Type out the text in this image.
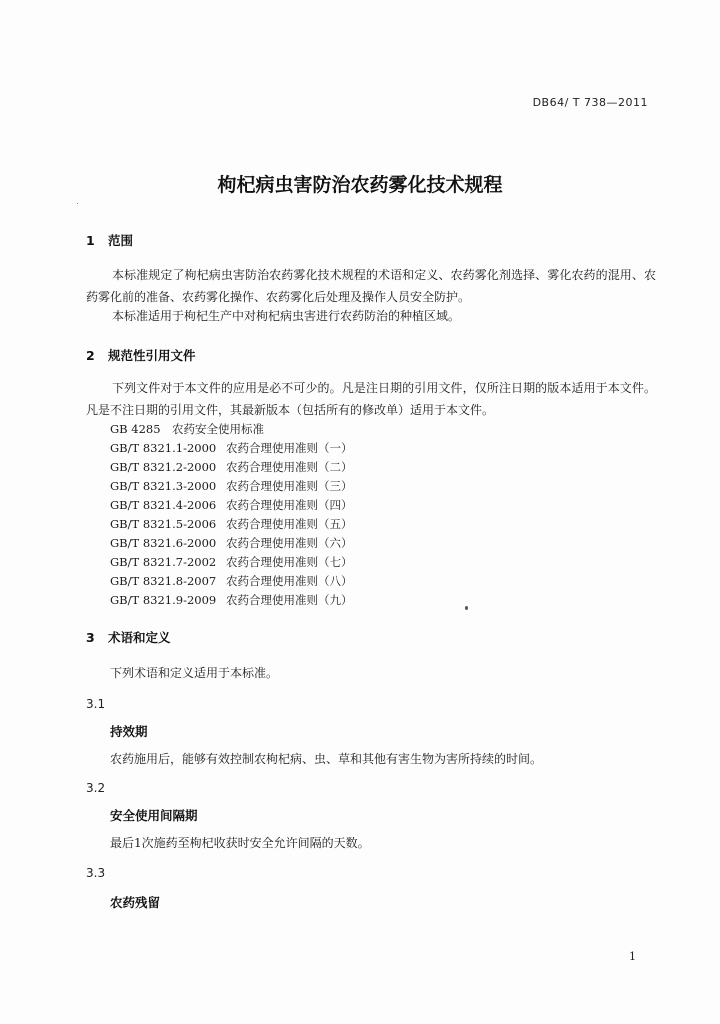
DB64/ T 738—2011
枸杞病虫害防治农药雾化技术规程
1 范围
本标准规定了枸杞病虫害防治农药雾化技术规程的术语和定义、农药雾化剂选择、雾化农药的混用、农药雾化前的准备、农药雾化操作、农药雾化后处理及操作人员安全防护。
本标准适用于枸杞生产中对枸杞病虫害进行农药防治的种植区域。
2 规范性引用文件
下列文件对于本文件的应用是必不可少的。凡是注日期的引用文件，仅所注日期的版本适用于本文件。凡是不注日期的引用文件，其最新版本（包括所有的修改单）适用于本文件。
GB 4285 农药安全使用标准
GB/T 8321.1-2000 农药合理使用准则（一）
GB/T 8321.2-2000 农药合理使用准则（二）
GB/T 8321.3-2000 农药合理使用准则（三）
GB/T 8321.4-2006 农药合理使用准则（四）
GB/T 8321.5-2006 农药合理使用准则（五）
GB/T 8321.6-2000 农药合理使用准则（六）
GB/T 8321.7-2002 农药合理使用准则（七）
GB/T 8321.8-2007 农药合理使用准则（八）
GB/T 8321.9-2009 农药合理使用准则（九）
3 术语和定义
下列术语和定义适用于本标准。
3.1
持效期
农药施用后，能够有效控制农枸杞病、虫、草和其他有害生物为害所持续的时间。
3.2
安全使用间隔期
最后1次施药至枸杞收获时安全允许间隔的天数。
3.3
农药残留
1
